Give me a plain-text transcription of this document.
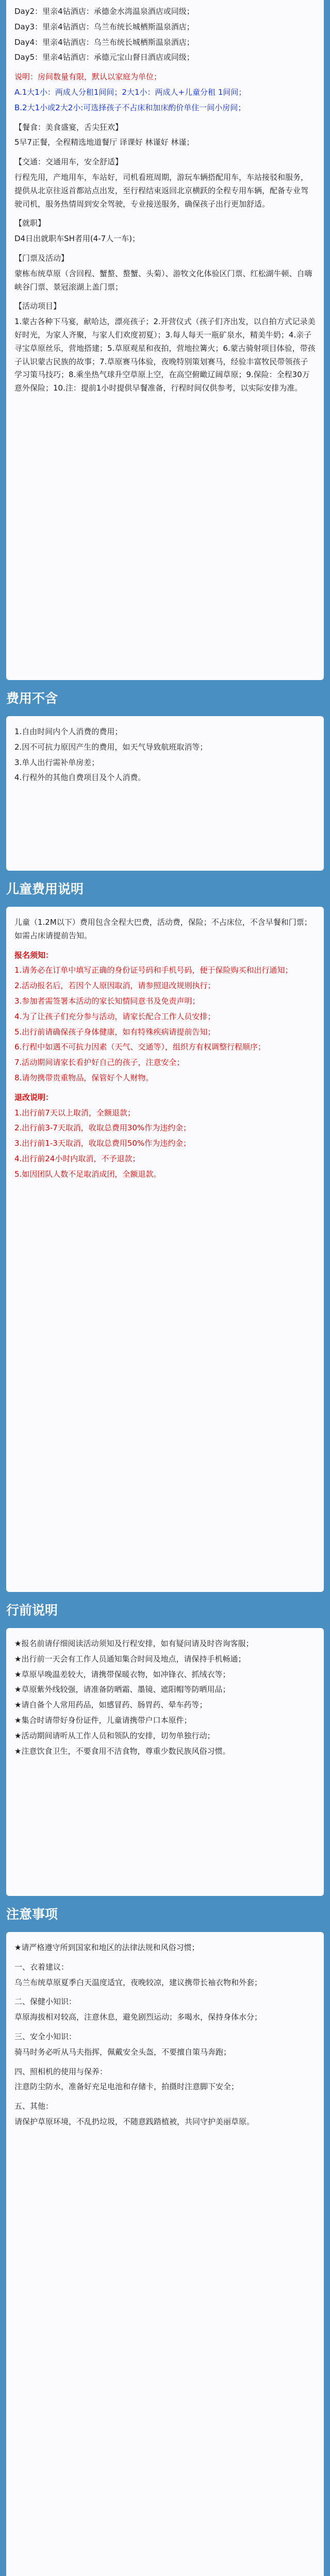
Day2：里亲4钻酒店：承德金水湾温泉酒店或同级；

Day3：里亲4钻酒店：乌兰布统长城栖斯温泉酒店；

Day4：里亲4钻酒店：乌兰布统长城栖斯温泉酒店；

Day5：里亲4钻酒店：承德元宝山督日酒店或同级；

说明：房间数量有限，默认以家庭为单位；

A.1大1小：两成人分租1间间；2大1小：两成人+儿童分租 1间间；

B.2大1小或2大2小:可选择孩子不占床和加床酌价单住一间小房间；

【餐食：美食盛宴，舌尖狂欢】

5早7正餐，全程精选地道餐厅 译课好 林谨好 林谨；

【交通：交通用车，安全舒适】

行程先用，产地用车，车站好，司机看班周期，游玩车辆搭配用车，车站接驳和服务，提供从北京往返首都站点出发，至行程结束返回北京横跃的全程专用车辆，配备专业驾驶司机，服务热情周到安全驾驶，专业接送服务，确保孩子出行更加舒适。

【就职】

D4日出就职车SH者用(4-7人一车)；

【门票及活动】

蒙栋布统草原（含回程、蟹螯、螯蟹、头菊）、游牧文化体验区门票、红松湖牛顿、自嗨峡谷门票、景冠滚湖上盖门票；

【活动项目】

1.蒙古各种下马宴，献哈达，漂亮孩子；2.开营仪式（孩子们齐出发，以自拍方式记录美好时光，为家人齐聚，与家人们欢度初夏）；3.每人每天一瓶矿泉水，精美牛奶；4.亲子寻宝草原丝乐，营地搭建；5.草原观星和夜拍，营地拉篝火；6.蒙古骑射项目体验，带孩子认识蒙古民族的故事；7.草原赛马体验，夜晚特别策划赛马，经验丰富牧民带领孩子学习策马技巧；8.乘坐热气球升空草原上空，在高空俯瞰辽阔草原；9.保险：全程30万意外保险；10.注：提前1小时提供早餐准备，行程时间仅供参考，以实际安排为准。

费用不含

1.自由时间内个人消费的费用；

2.因不可抗力原因产生的费用，如天气导致航班取消等；

3.单人出行需补单房差；

4.行程外的其他自费项目及个人消费。

儿童费用说明

儿童（1.2M以下）费用包含全程大巴费，活动费，保险；不占床位，不含早餐和门票；如需占床请提前告知。

报名须知：

1.请务必在订单中填写正确的身份证号码和手机号码，便于保险购买和出行通知；

2.活动报名后，若因个人原因取消，请参照退改规则执行；

3.参加者需签署本活动的家长知情同意书及免责声明；

4.为了让孩子们充分参与活动，请家长配合工作人员安排；

5.出行前请确保孩子身体健康，如有特殊疾病请提前告知；

6.行程中如遇不可抗力因素（天气、交通等），组织方有权调整行程顺序；

7.活动期间请家长看护好自己的孩子，注意安全；

8.请勿携带贵重物品，保管好个人财物。

退改说明：

1.出行前7天以上取消，全额退款；

2.出行前3-7天取消，收取总费用30%作为违约金；

3.出行前1-3天取消，收取总费用50%作为违约金；

4.出行前24小时内取消，不予退款；

5.如因团队人数不足取消成团，全额退款。

行前说明

★报名前请仔细阅读活动须知及行程安排，如有疑问请及时咨询客服；

★出行前一天会有工作人员通知集合时间及地点，请保持手机畅通；

★草原早晚温差较大，请携带保暖衣物，如冲锋衣、抓绒衣等；

★草原紫外线较强，请准备防晒霜、墨镜、遮阳帽等防晒用品；

★请自备个人常用药品，如感冒药、肠胃药、晕车药等；

★集合时请带好身份证件，儿童请携带户口本原件；

★活动期间请听从工作人员和领队的安排，切勿单独行动；

★注意饮食卫生，不要食用不洁食物，尊重少数民族风俗习惯。

注意事项

★请严格遵守所到国家和地区的法律法规和风俗习惯；

一、衣着建议：

乌兰布统草原夏季白天温度适宜，夜晚较凉，建议携带长袖衣物和外套；

二、保健小知识：

草原海拔相对较高，注意休息，避免剧烈运动；多喝水，保持身体水分；

三、安全小知识：

骑马时务必听从马夫指挥，佩戴安全头盔，不要擅自策马奔跑；

四、照相机的使用与保养：

注意防尘防水，准备好充足电池和存储卡，拍摄时注意脚下安全；

五、其他：

请保护草原环境，不乱扔垃圾，不随意践踏植被，共同守护美丽草原。
